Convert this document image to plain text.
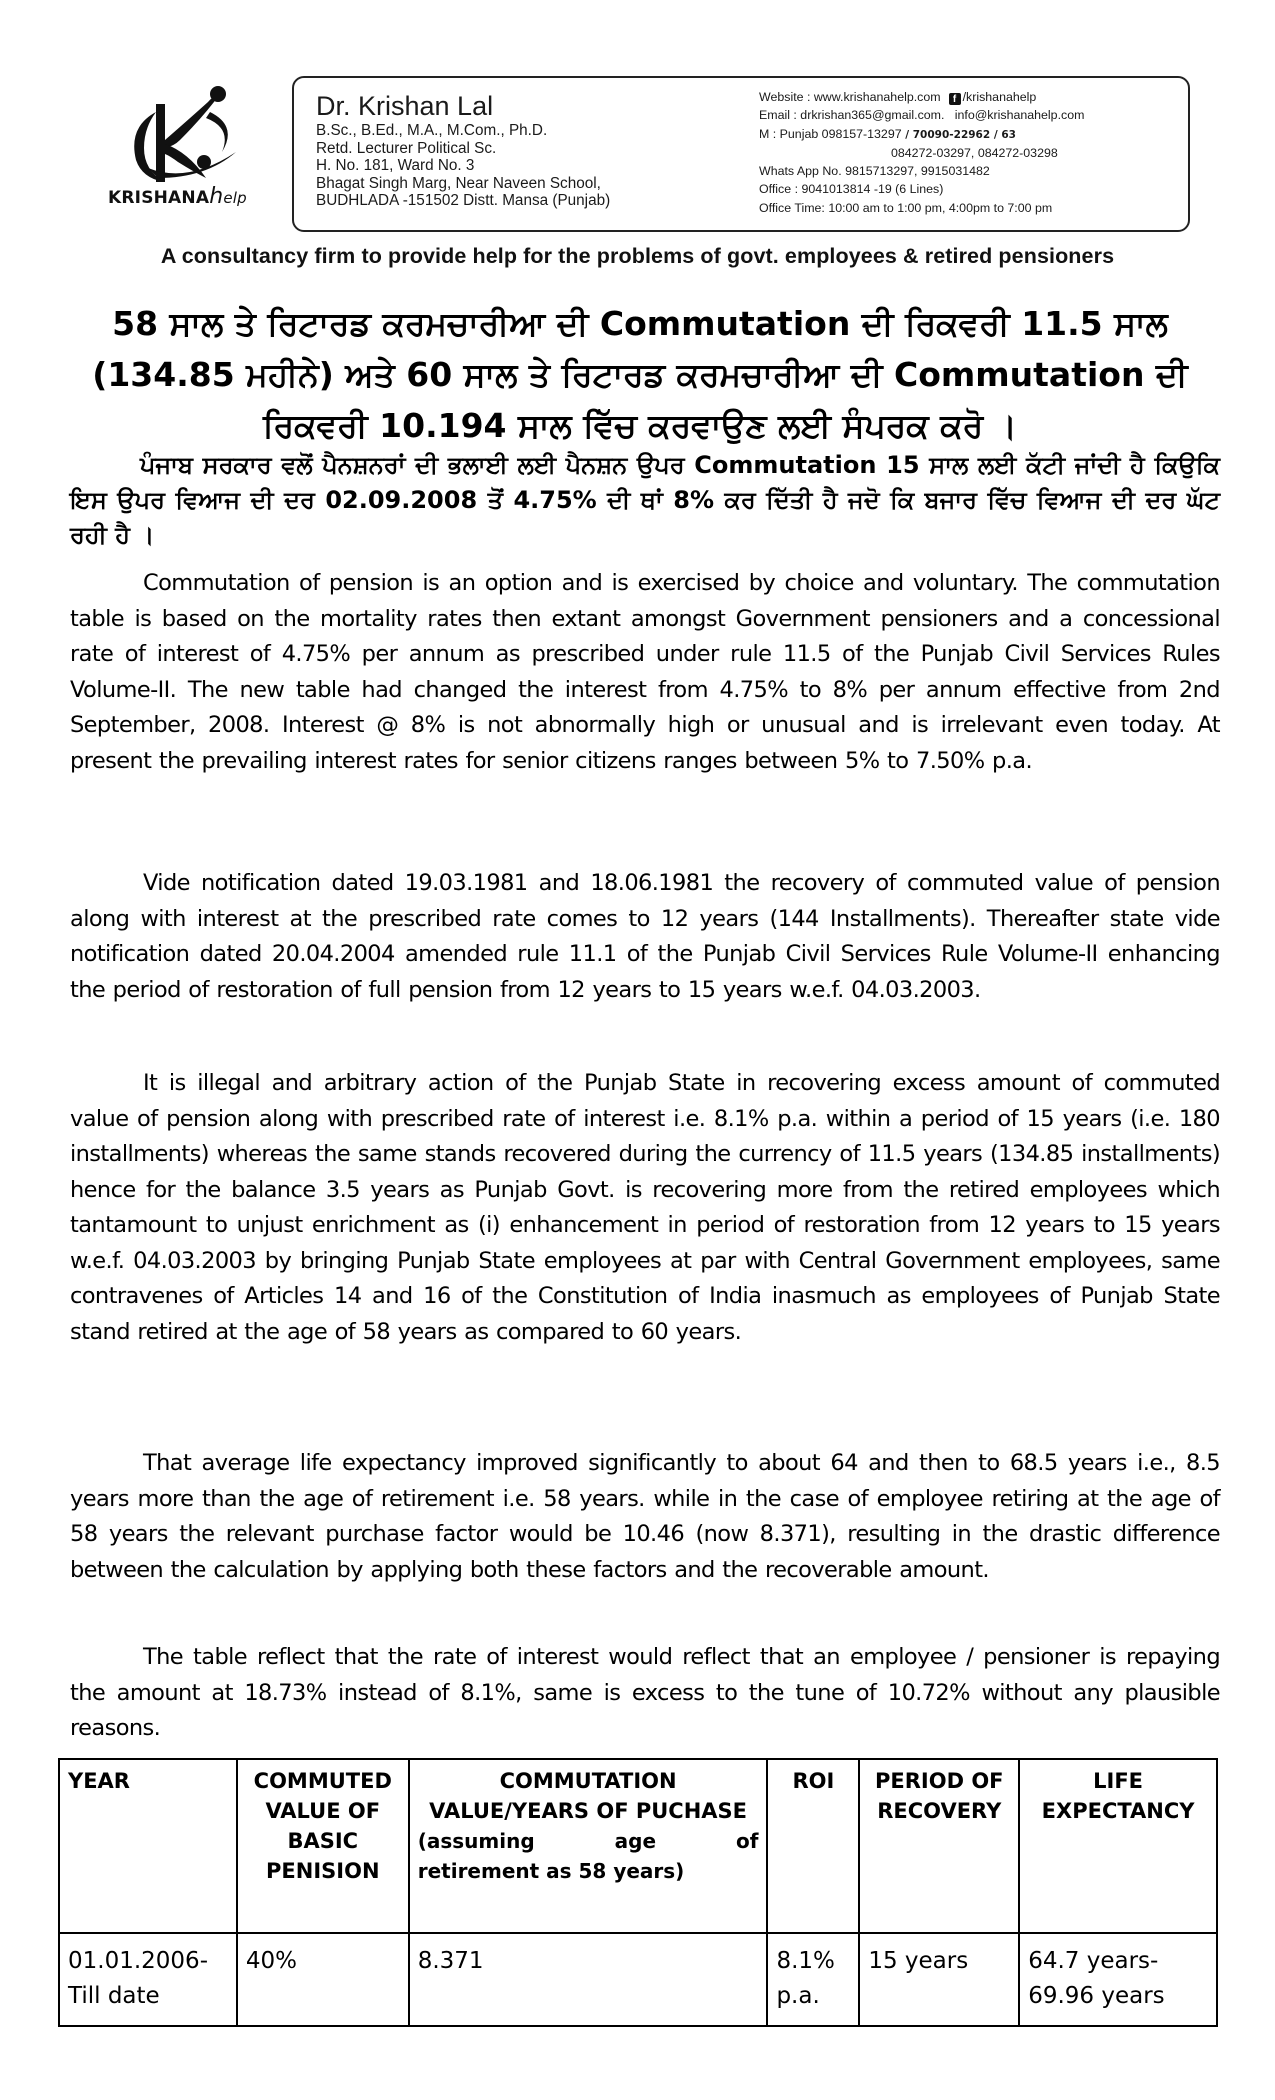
KRISHANAhelp
Dr. Krishan Lal
B.Sc., B.Ed., M.A., M.Com., Ph.D.
Retd. Lecturer Political Sc.
H. No. 181, Ward No. 3
Bhagat Singh Marg, Near Naveen School,
BUDHLADA -151502 Distt. Mansa (Punjab)
Website : www.krishanahelp.com f /krishanahelp
Email : drkrishan365@gmail.com.   info@krishanahelp.com
M : Punjab 098157-13297 / 70090-22962 / 63
084272-03297, 084272-03298
Whats App No. 9815713297, 9915031482
Office : 9041013814 -19 (6 Lines)
Office Time: 10:00 am to 1:00 pm, 4:00pm to 7:00 pm
A consultancy firm to provide help for the problems of govt. employees & retired pensioners
58 ਸਾਲ ਤੇ ਰਿਟਾਰਡ ਕਰਮਚਾਰੀਆ ਦੀ Commutation ਦੀ ਰਿਕਵਰੀ 11.5 ਸਾਲ
(134.85 ਮਹੀਨੇ) ਅਤੇ 60 ਸਾਲ ਤੇ ਰਿਟਾਰਡ ਕਰਮਚਾਰੀਆ ਦੀ Commutation ਦੀ
ਰਿਕਵਰੀ 10.194 ਸਾਲ ਵਿੱਚ ਕਰਵਾਉਣ ਲਈ ਸੰਪਰਕ ਕਰੋ ।

ਪੰਜਾਬ ਸਰਕਾਰ ਵਲੋਂ ਪੈਨਸ਼ਨਰਾਂ ਦੀ ਭਲਾਈ ਲਈ ਪੈਨਸ਼ਨ ਉਪਰ Commutation 15 ਸਾਲ ਲਈ ਕੱਟੀ ਜਾਂਦੀ ਹੈ ਕਿਉਕਿ ਇਸ ਉਪਰ ਵਿਆਜ ਦੀ ਦਰ 02.09.2008 ਤੋਂ 4.75% ਦੀ ਥਾਂ 8% ਕਰ ਦਿੱਤੀ ਹੈ ਜਦੋ ਕਿ ਬਜਾਰ ਵਿੱਚ ਵਿਆਜ ਦੀ ਦਰ ਘੱਟ ਰਹੀ ਹੈ ।

Commutation of pension is an option and is exercised by choice and voluntary. The commutation table is based on the mortality rates then extant amongst Government pensioners and a concessional rate of interest of 4.75% per annum as prescribed under rule 11.5 of the Punjab Civil Services Rules Volume-II. The new table had changed the interest from 4.75% to 8% per annum effective from 2nd September, 2008. Interest @ 8% is not abnormally high or unusual and is irrelevant even today. At present the prevailing interest rates for senior citizens ranges between 5% to 7.50% p.a.

Vide notification dated 19.03.1981 and 18.06.1981 the recovery of commuted value of pension along with interest at the prescribed rate comes to 12 years (144 Installments). Thereafter state vide notification dated 20.04.2004 amended rule 11.1 of the Punjab Civil Services Rule Volume-II enhancing the period of restoration of full pension from 12 years to 15 years w.e.f. 04.03.2003.

It is illegal and arbitrary action of the Punjab State in recovering excess amount of commuted value of pension along with prescribed rate of interest i.e. 8.1% p.a. within a period of 15 years (i.e. 180 installments) whereas the same stands recovered during the currency of 11.5 years (134.85 installments) hence for the balance 3.5 years as Punjab Govt. is recovering more from the retired employees which tantamount to unjust enrichment as (i) enhancement in period of restoration from 12 years to 15 years w.e.f. 04.03.2003 by bringing Punjab State employees at par with Central Government employees, same contravenes of Articles 14 and 16 of the Constitution of India inasmuch as employees of Punjab State stand retired at the age of 58 years as compared to 60 years.

That average life expectancy improved significantly to about 64 and then to 68.5 years i.e., 8.5 years more than the age of retirement i.e. 58 years. while in the case of employee retiring at the age of 58 years the relevant purchase factor would be 10.46 (now 8.371), resulting in the drastic difference between the calculation by applying both these factors and the recoverable amount.

The table reflect that the rate of interest would reflect that an employee / pensioner is repaying the amount at 18.73% instead of 8.1%, same is excess to the tune of 10.72% without any plausible reasons.

YEAR	COMMUTED VALUE OF BASIC PENISION	COMMUTATION VALUE/YEARS OF PUCHASE
(assuming age of
retirement as 58 years)	ROI	PERIOD OF RECOVERY	LIFE EXPECTANCY
01.01.2006- Till date	40%	8.371	8.1% p.a.	15 years	64.7 years- 69.96 years
